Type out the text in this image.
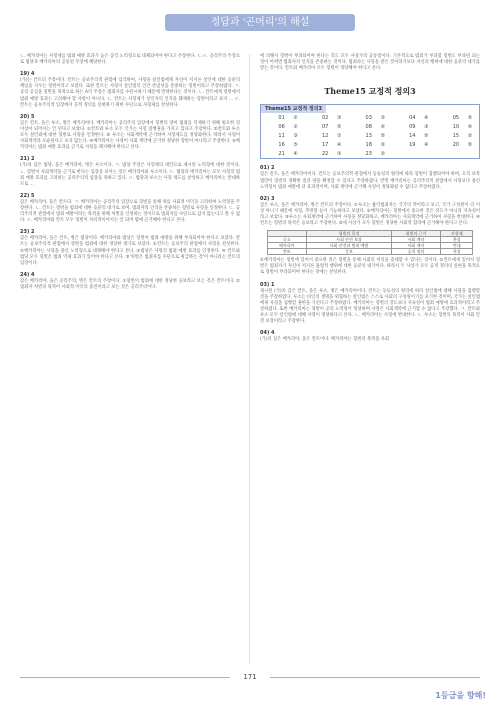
정답과 '곤머리'의 해설
ㄴ. 베카리아는 사형제를 범죄 예방 효과가 높은 공리 노역형으로 대체되어야 한다고 주장한다. ㄷ.ㄹ. 공리주의 주장으로 범당과 베카리아의 공통된 주장에 해당한다.
19) 4
(가)는 칸트의 주장이다. 칸트는 응보주의적 관점에 입각하여, 사형을 살인범에게 자신이 저지른 살인에 대한 응분의 책임을 지우는 형벌이라고 보았다. 또한 칸트는 사형이 살인범의 인간 존엄성을 존중하는 형벌이라고 주장하였다. ㄱ. 공리 공심을 형벌을 목적으로 하는 A의 주장은 범죄자를 수단시하기 때문에 반대한다는 것이다. ㄴ. 칸트에게 형벌에서 범죄 예방 효과는 고려해야 할 사항이 아니다. ㄷ. 칸트는 사형제가 살인자의 인격을 훼제하는 형벌이라고 보지 ... ㄹ. 칸트는 응보주의적 입장에서 공적 정의를 실현하기 위한 수단으로 사형제를 찬성한다.
20) 5
갑은 칸트, 을은 루소, 병은 베카리아다. 베카리아는 공리주의 입장에서 형벌의 양이 범죄를 억제하기 위해 필요한 것 이상이 되어서는 안 된다고 보았다. ①칸트와 루소 모두 국가는 사형 집행권을 가지고 있다고 주장한다. ②칸트와 루소 모두 살인죄에 대한 형벌로 사형을 인정한다. ③ 루소는 사회계약에 근거하여 사형제도를 정당화한다. 따라서 사형이 사회계약과 모순된다고 보지 않는다. ④베카리아는 사형이 사회 계약에 근거한 정당한 형벌이 아니라고 주장한다. ⑤베카리아는 범죄 예방 효과를 근거로 사형을 폐지해야 한다고 본다.
21) 2
(가)의 갑은 범당, 을은 베카리아, 병은 루소이다. ㄱ. 범당 주장은 사형제의 대안으로 제시된 노역형에 대한 것이다. ㄴ. 형벌이 사회계약을 근거로 한다는 입장을 보이는 것은 베카리아와 루소이다. ㄷ. 범당과 베카리아는 모두 사형의 범죄 예방 효과를 고려하는 공리주의적 입장을 취하고 있다. ㄹ. 범당과 루소는 사형 제도를 찬성하고 베카리아는 반대하므로 ...
22) 5
갑은 베카리아, 을은 칸트다. ㄱ. 베카리아는 공리주의 입장으로 형벌을 통해 따를 사회적 이익을 고려하여 노역형을 주장한다. ㄴ. 칸트는 형벌을 범죄에 대한 응분의 대가로 보며, 범죄자의 인격을 존중하는 형벌로 사형을 인정한다. ㄷ. 공리주의적 관점에서 범죄 예방이라는 목적을 위해 처벌을 인정하는 것이므로 범죄자를 수단으로 삼지 않는다고 볼 수 없다. ㄹ. 베카리아와 칸트 모두 형벌이 자의적이어서는 안 되며 법에 근거해야 한다고 본다.
23) 2
갑은 베카리아, 을은 칸트, 병은 범당이다. 베카리아와 범당은 형벌이 범죄 예방을 위해 부과되어야 한다고 보았다. 칸트는 응보주의적 관점에서 형벌을 범죄에 대한 정당한 대가로 보았다. ①칸트는 응보주의 관점에서 사형을 찬성한다. ②베카리아는 사형을 종신 노역형으로 대체해야 한다고 본다. ③범당은 사형의 범죄 예방 효과를 인정한다. ④ 칸트와 범당 모두 형벌은 범죄 억제 효과가 있어야 한다고 본다. ⑤'처벌은 범죄자를 수단으로 취급하는 것'이 아니라는 칸트의 입장이다.
24) 4
갑은 베카리아, 을은 공리주의, 병은 칸트의 주장이다. ①형벌이 범죄에 대한 정당한 응보라고 보는 것은 칸트이다. ②범죄자 처벌의 목적이 사회적 이익의 증진이라고 보는 것은 공리주의이다.
에 의해서 형벌이 부과되어야 한다는 것도 모두 사상가의 공통점이다. 기본적으로 범죄가 부과할 형벌도 부과된 되는 것이 어쩌면 범죄자의 인격을 존중하는 것이다. 범죄자는 사형을 받은 것이라기보다 자신의 행위에 대한 응분의 대가를 받는 것이다. 칸트와 베카리아 모두 형벌이 정당해야 한다고 본다.
Theme15 교정적 정의3
Theme15 교정적 정의3
01	②	02	③	03	③	04	④	05	⑤
06	②	07	⑤	08	④	09	③	10	④
11	③	12	①	13	⑤	14	⑤	15	②
16	⑤	17	④	18	③	19	④	20	⑤
21	④	22	③	23	②				
01) 2
갑은 칸트, 을은 베카리아이다. 칸트는 응보주의적 관점에서 동등성의 원리에 따라 형벌이 집행되어야 하며, 오직 보복법만이 형벌의 정확한 질과 양을 확정할 수 있다고 주장하였다. 반면 베카리아는 공리주의적 관점에서 사형보다 종신 노역형이 범죄 예방에 더 효과적이며, 사회 계약에 근거해 사형이 정당화될 수 없다고 주장하였다.
02) 3
갑은 루소, 을은 베카리아, 병은 칸트의 주장이다. ①루소는 흉악범죄자는 국가의 적이라고 보고, 국가 구성원이 더 이상 아니기 때문에 사형, 추방형 등이 가능하다고 보았다. ②베카리아는 형벌에서 중요한 것은 강도가 아니라 지속성이라고 보았다. ③루소는 사회계약에 근거하여 사형을 정당화하고, 베카리아는 사회계약에 근거하여 사형을 반대한다. ④칸트는 형벌의 목적은 응보라고 주장한다. ⑤세 사상가 모두 형벌은 정당한 사회적 합의에 근거해야 한다고 본다.
	형벌의 목적	형벌의 근거	사형제
루소	사회 안전 보장	사회 계약	찬성
베카리아	사회 안전과 범죄 예방	사회 계약	반대
칸트	응보	공적 정의	찬성
①베카리아는 형벌에 있어서 중요한 것은 형벌을 통해 사회의 이익을 증대할 수 있다는 것이다. ②칸트에게 있어서 형벌은 범죄자가 자신이 저지른 불법적 행위에 대한 응분의 대가이다. 따라서 두 사상가 모두 공적 정의의 실현을 목적으로 형벌이 부과되어야 한다는 것에는 찬성한다.
03) 1
제시된 (가)의 갑은 칸트, 을은 루소, 병은 베카리아이다. 칸트는 동등성의 원리에 따라 살인범에 대해 사형을 집행할 것을 주장하였다. 루소는 타인의 생명을 위협하는 살인범은 스스로 사회의 구성원이기를 포기한 것이며, 국가는 살인범에게 사형을 집행할 권한을 가진다고 주장하였다. 베카리아는 형벌의 강도보다 지속성이 범죄 예방에 효과적이라고 주장하였다. 또한 베카리아는 형벌이 공리 노역형이 정당하며 사형은 사회계약에 근거할 수 없다고 주장했다. ㄱ. 칸트와 루소 모두 살인범에 대해 사형이 정당하다고 본다. ㄴ. 베카리아는 사형에 반대한다. ㄷ. 루소는 형벌의 목적이 사회 안전 보장이라고 주장한다.
04) 4
(가)의 갑은 베카리아, 을은 칸트이다. 베카리아는 형벌의 목적을 사회
171
1등급을 향해!
